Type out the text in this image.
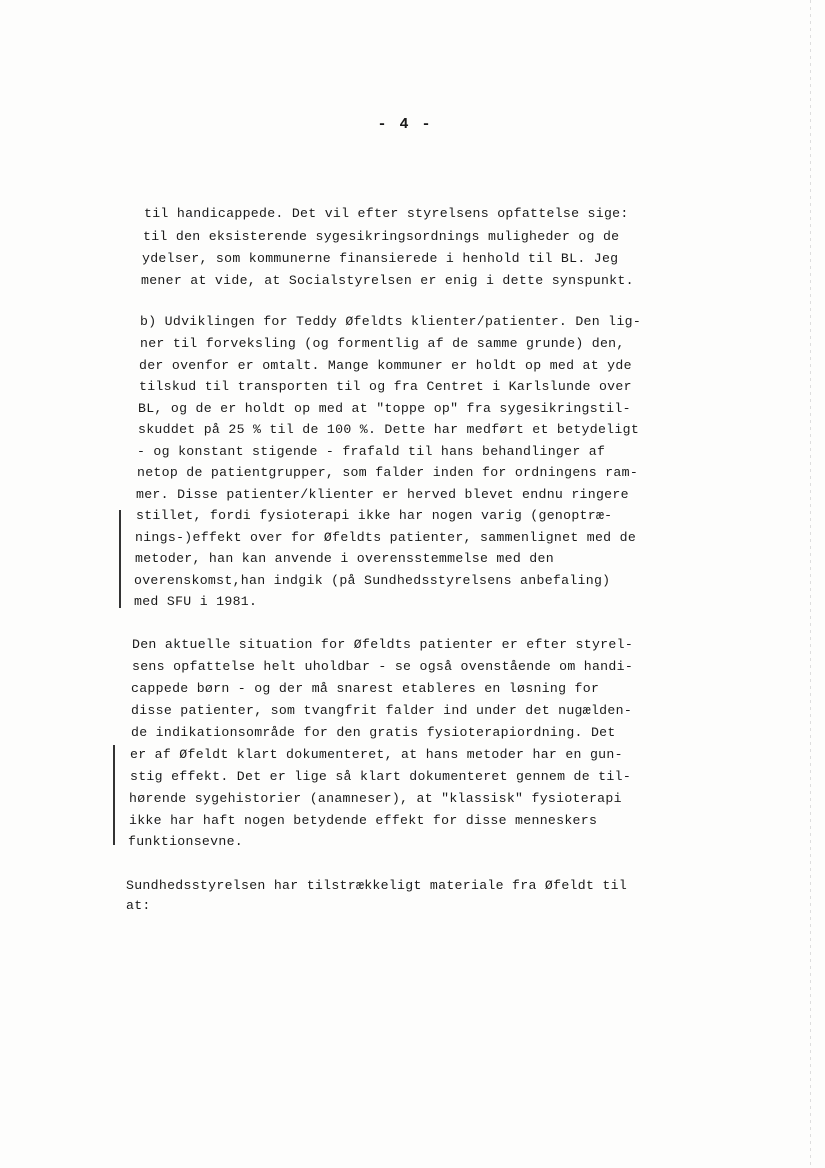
- 4 -
til handicappede. Det vil efter styrelsens opfattelse sige:
til den eksisterende sygesikringsordnings muligheder og de
ydelser, som kommunerne finansierede i henhold til BL. Jeg
mener at vide, at Socialstyrelsen er enig i dette synspunkt.
b) Udviklingen for Teddy Øfeldts klienter/patienter. Den lig-
ner til forveksling (og formentlig af de samme grunde) den,
der ovenfor er omtalt. Mange kommuner er holdt op med at yde
tilskud til transporten til og fra Centret i Karlslunde over
BL, og de er holdt op med at "toppe op" fra sygesikringstil-
skuddet på 25 % til de 100 %. Dette har medført et betydeligt
- og konstant stigende - frafald til hans behandlinger af
netop de patientgrupper, som falder inden for ordningens ram-
mer. Disse patienter/klienter er herved blevet endnu ringere
stillet, fordi fysioterapi ikke har nogen varig (genoptræ-
nings-)effekt over for Øfeldts patienter, sammenlignet med de
metoder, han kan anvende i overensstemmelse med den
overenskomst,han indgik (på Sundhedsstyrelsens anbefaling)
med SFU i 1981.
Den aktuelle situation for Øfeldts patienter er efter styrel-
sens opfattelse helt uholdbar - se også ovenstående om handi-
cappede børn - og der må snarest etableres en løsning for
disse patienter, som tvangfrit falder ind under det nugælden-
de indikationsområde for den gratis fysioterapiordning. Det
er af Øfeldt klart dokumenteret, at hans metoder har en gun-
stig effekt. Det er lige så klart dokumenteret gennem de til-
hørende sygehistorier (anamneser), at "klassisk" fysioterapi
ikke har haft nogen betydende effekt for disse menneskers
funktionsevne.
Sundhedsstyrelsen har tilstrækkeligt materiale fra Øfeldt til
at:
